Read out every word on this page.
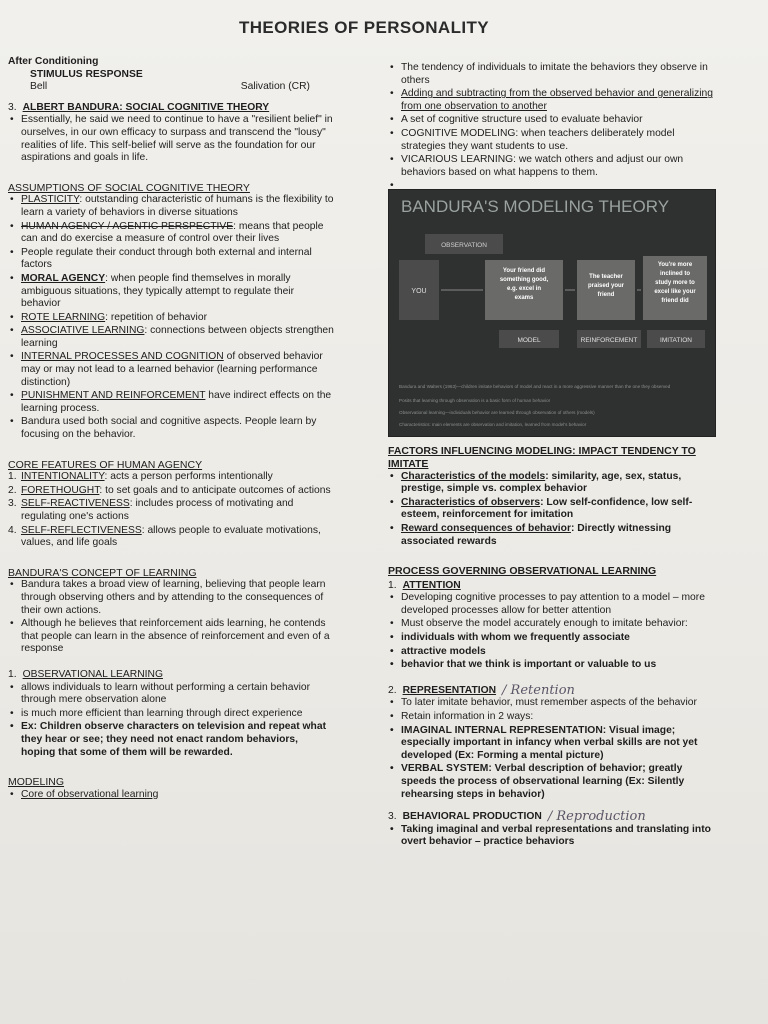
THEORIES OF PERSONALITY
After Conditioning
STIMULUS RESPONSE
Bell	Salivation (CR)
3. ALBERT BANDURA: SOCIAL COGNITIVE THEORY
• Essentially, he said we need to continue to have a "resilient belief" in ourselves, in our own efficacy to surpass and transcend the "lousy" realities of life. This self-belief will serve as the foundation for our aspirations and goals in life.
ASSUMPTIONS OF SOCIAL COGNITIVE THEORY
• PLASTICITY: outstanding characteristic of humans is the flexibility to learn a variety of behaviors in diverse situations
• HUMAN AGENCY / AGENTIC PERSPECTIVE: means that people can and do exercise a measure of control over their lives
• People regulate their conduct through both external and internal factors
• MORAL AGENCY: when people find themselves in morally ambiguous situations, they typically attempt to regulate their behavior
• ROTE LEARNING: repetition of behavior
• ASSOCIATIVE LEARNING: connections between objects strengthen learning
• INTERNAL PROCESSES AND COGNITION of observed behavior may or may not lead to a learned behavior (learning performance distinction)
• PUNISHMENT AND REINFORCEMENT have indirect effects on the learning process.
• Bandura used both social and cognitive aspects. People learn by focusing on the behavior.
CORE FEATURES OF HUMAN AGENCY
1. INTENTIONALITY: acts a person performs intentionally
2. FORETHOUGHT: to set goals and to anticipate outcomes of actions
3. SELF-REACTIVENESS: includes process of motivating and regulating one's actions
4. SELF-REFLECTIVENESS: allows people to evaluate motivations, values, and life goals
BANDURA'S CONCEPT OF LEARNING
• Bandura takes a broad view of learning, believing that people learn through observing others and by attending to the consequences of their own actions.
• Although he believes that reinforcement aids learning, he contends that people can learn in the absence of reinforcement and even of a response
1. OBSERVATIONAL LEARNING
• allows individuals to learn without performing a certain behavior through mere observation alone
• is much more efficient than learning through direct experience
• Ex: Children observe characters on television and repeat what they hear or see; they need not enact random behaviors, hoping that some of them will be rewarded.
MODELING
• Core of observational learning
• The tendency of individuals to imitate the behaviors they observe in others
• Adding and subtracting from the observed behavior and generalizing from one observation to another
• A set of cognitive structure used to evaluate behavior
• COGNITIVE MODELING: when teachers deliberately model strategies they want students to use.
• VICARIOUS LEARNING: we watch others and adjust our own behaviors based on what happens to them.
BANDURA'S MODELING THEORY
OBSERVATION
YOU
Your friend did
something good,
e.g. excel in
exams
The teacher
praised your
friend
You're more
inclined to
study more to
excel like your
friend did
MODEL	REINFORCEMENT	IMITATION
Bandura and Walters (1963)—children imitate behaviors of model and react in a more aggressive manner than the one they observed
Posits that learning through observation is a basic form of human behavior
Observational learning—individuals behavior are learned through observation of others (models)
Characteristics: main elements are observation and imitation, learned from model's behavior
FACTORS INFLUENCING MODELING: IMPACT TENDENCY TO IMITATE
• Characteristics of the models: similarity, age, sex, status, prestige, simple vs. complex behavior
• Characteristics of observers: Low self-confidence, low self-esteem, reinforcement for imitation
• Reward consequences of behavior: Directly witnessing associated rewards
PROCESS GOVERNING OBSERVATIONAL LEARNING
1. ATTENTION
• Developing cognitive processes to pay attention to a model – more developed processes allow for better attention
• Must observe the model accurately enough to imitate behavior:
• individuals with whom we frequently associate
• attractive models
• behavior that we think is important or valuable to us
2. REPRESENTATION / Retention
• To later imitate behavior, must remember aspects of the behavior
• Retain information in 2 ways:
• IMAGINAL INTERNAL REPRESENTATION: Visual image; especially important in infancy when verbal skills are not yet developed (Ex: Forming a mental picture)
• VERBAL SYSTEM: Verbal description of behavior; greatly speeds the process of observational learning (Ex: Silently rehearsing steps in behavior)
3. BEHAVIORAL PRODUCTION / Reproduction
• Taking imaginal and verbal representations and translating into overt behavior – practice behaviors
